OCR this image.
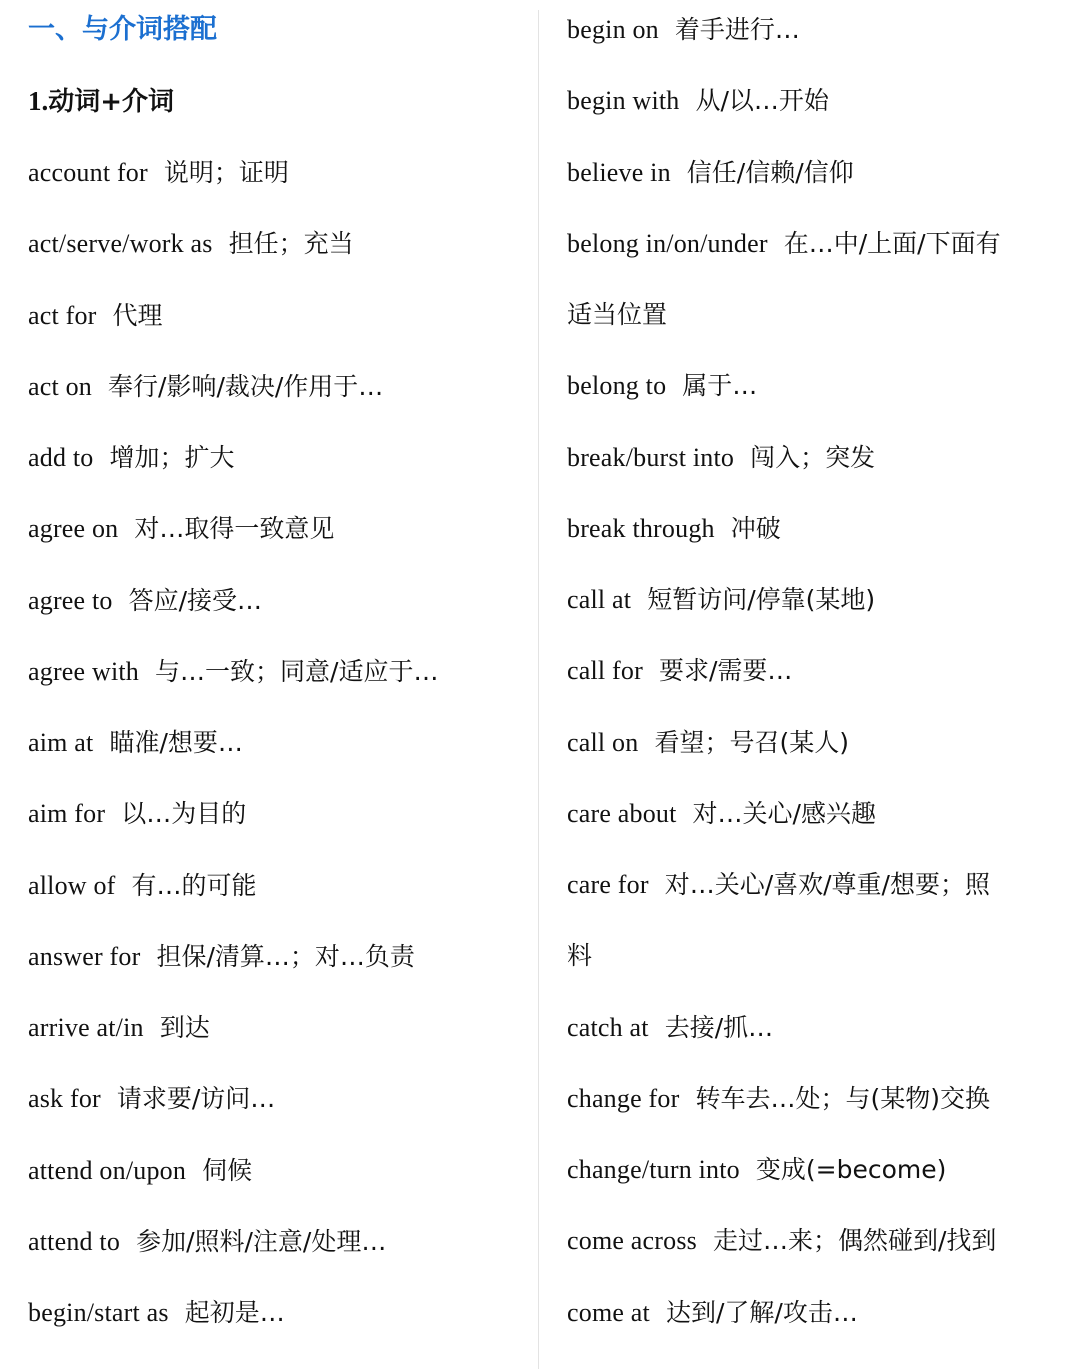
一、与介词搭配
1.动词+介词
account for 说明；证明
act/serve/work as 担任；充当
act for 代理
act on 奉行/影响/裁决/作用于…
add to 增加；扩大
agree on 对…取得一致意见
agree to 答应/接受…
agree with 与…一致；同意/适应于…
aim at 瞄准/想要…
aim for 以…为目的
allow of 有…的可能
answer for 担保/清算…；对…负责
arrive at/in 到达
ask for 请求要/访问…
attend on/upon 伺候
attend to 参加/照料/注意/处理…
begin/start as 起初是…
begin on 着手进行…
begin with 从/以…开始
believe in 信任/信赖/信仰
belong in/on/under 在…中/上面/下面有
适当位置
belong to 属于…
break/burst into 闯入；突发
break through 冲破
call at 短暂访问/停靠(某地)
call for 要求/需要…
call on 看望；号召(某人)
care about 对…关心/感兴趣
care for 对…关心/喜欢/尊重/想要；照
料
catch at 去接/抓…
change for 转车去…处；与(某物)交换
change/turn into 变成(=become)
come across 走过…来；偶然碰到/找到
come at 达到/了解/攻击…
